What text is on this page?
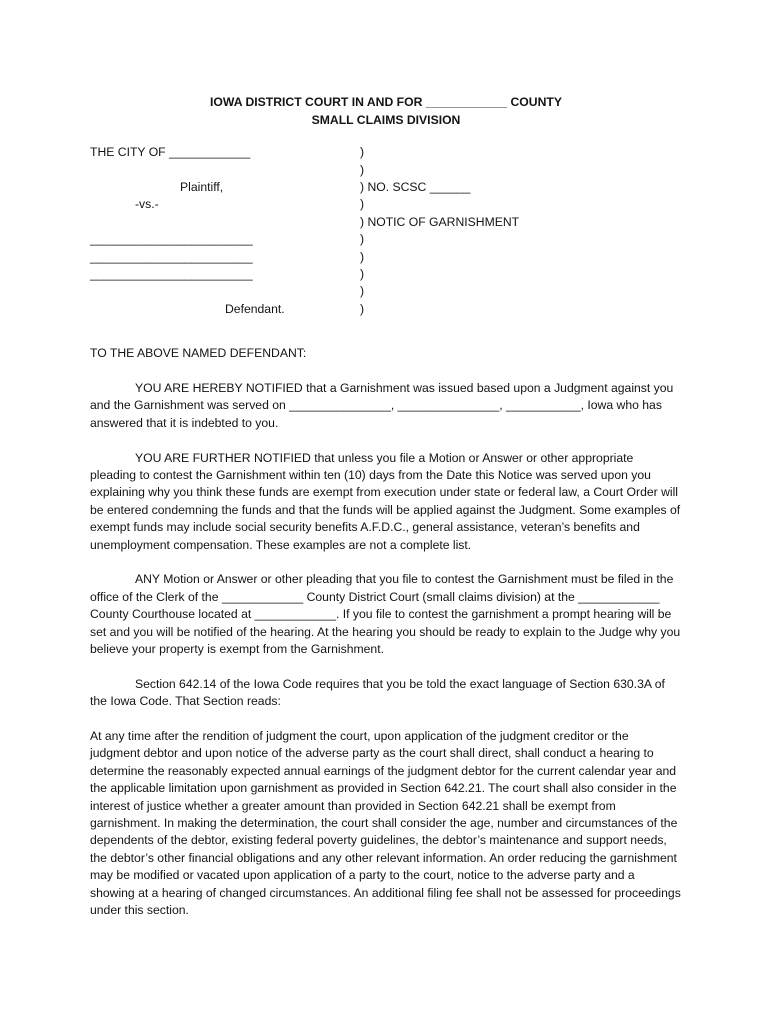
IOWA DISTRICT COURT IN AND FOR ____________ COUNTY
SMALL CLAIMS DIVISION
THE CITY OF ____________
Plaintiff,
-vs.-
________________________
________________________
________________________
Defendant.
)
)
) NO. SCSC ______
)
) NOTIC OF GARNISHMENT
)
)
)
)
)
TO THE ABOVE NAMED DEFENDANT:

YOU ARE HEREBY NOTIFIED that a Garnishment was issued based upon a Judgment against you and the Garnishment was served on _______________, _______________, ___________, Iowa who has answered that it is indebted to you.

YOU ARE FURTHER NOTIFIED that unless you file a Motion or Answer or other appropriate pleading to contest the Garnishment within ten (10) days from the Date this Notice was served upon you explaining why you think these funds are exempt from execution under state or federal law, a Court Order will be entered condemning the funds and that the funds will be applied against the Judgment. Some examples of exempt funds may include social security benefits A.F.D.C., general assistance, veteran’s benefits and unemployment compensation. These examples are not a complete list.

ANY Motion or Answer or other pleading that you file to contest the Garnishment must be filed in the office of the Clerk of the ____________ County District Court (small claims division) at the ____________ County Courthouse located at ____________. If you file to contest the garnishment a prompt hearing will be set and you will be notified of the hearing. At the hearing you should be ready to explain to the Judge why you believe your property is exempt from the Garnishment.

Section 642.14 of the Iowa Code requires that you be told the exact language of Section 630.3A of the Iowa Code. That Section reads:

At any time after the rendition of judgment the court, upon application of the judgment creditor or the judgment debtor and upon notice of the adverse party as the court shall direct, shall conduct a hearing to determine the reasonably expected annual earnings of the judgment debtor for the current calendar year and the applicable limitation upon garnishment as provided in Section 642.21. The court shall also consider in the interest of justice whether a greater amount than provided in Section 642.21 shall be exempt from garnishment. In making the determination, the court shall consider the age, number and circumstances of the dependents of the debtor, existing federal poverty guidelines, the debtor’s maintenance and support needs, the debtor’s other financial obligations and any other relevant information. An order reducing the garnishment may be modified or vacated upon application of a party to the court, notice to the adverse party and a showing at a hearing of changed circumstances. An additional filing fee shall not be assessed for proceedings under this section.
